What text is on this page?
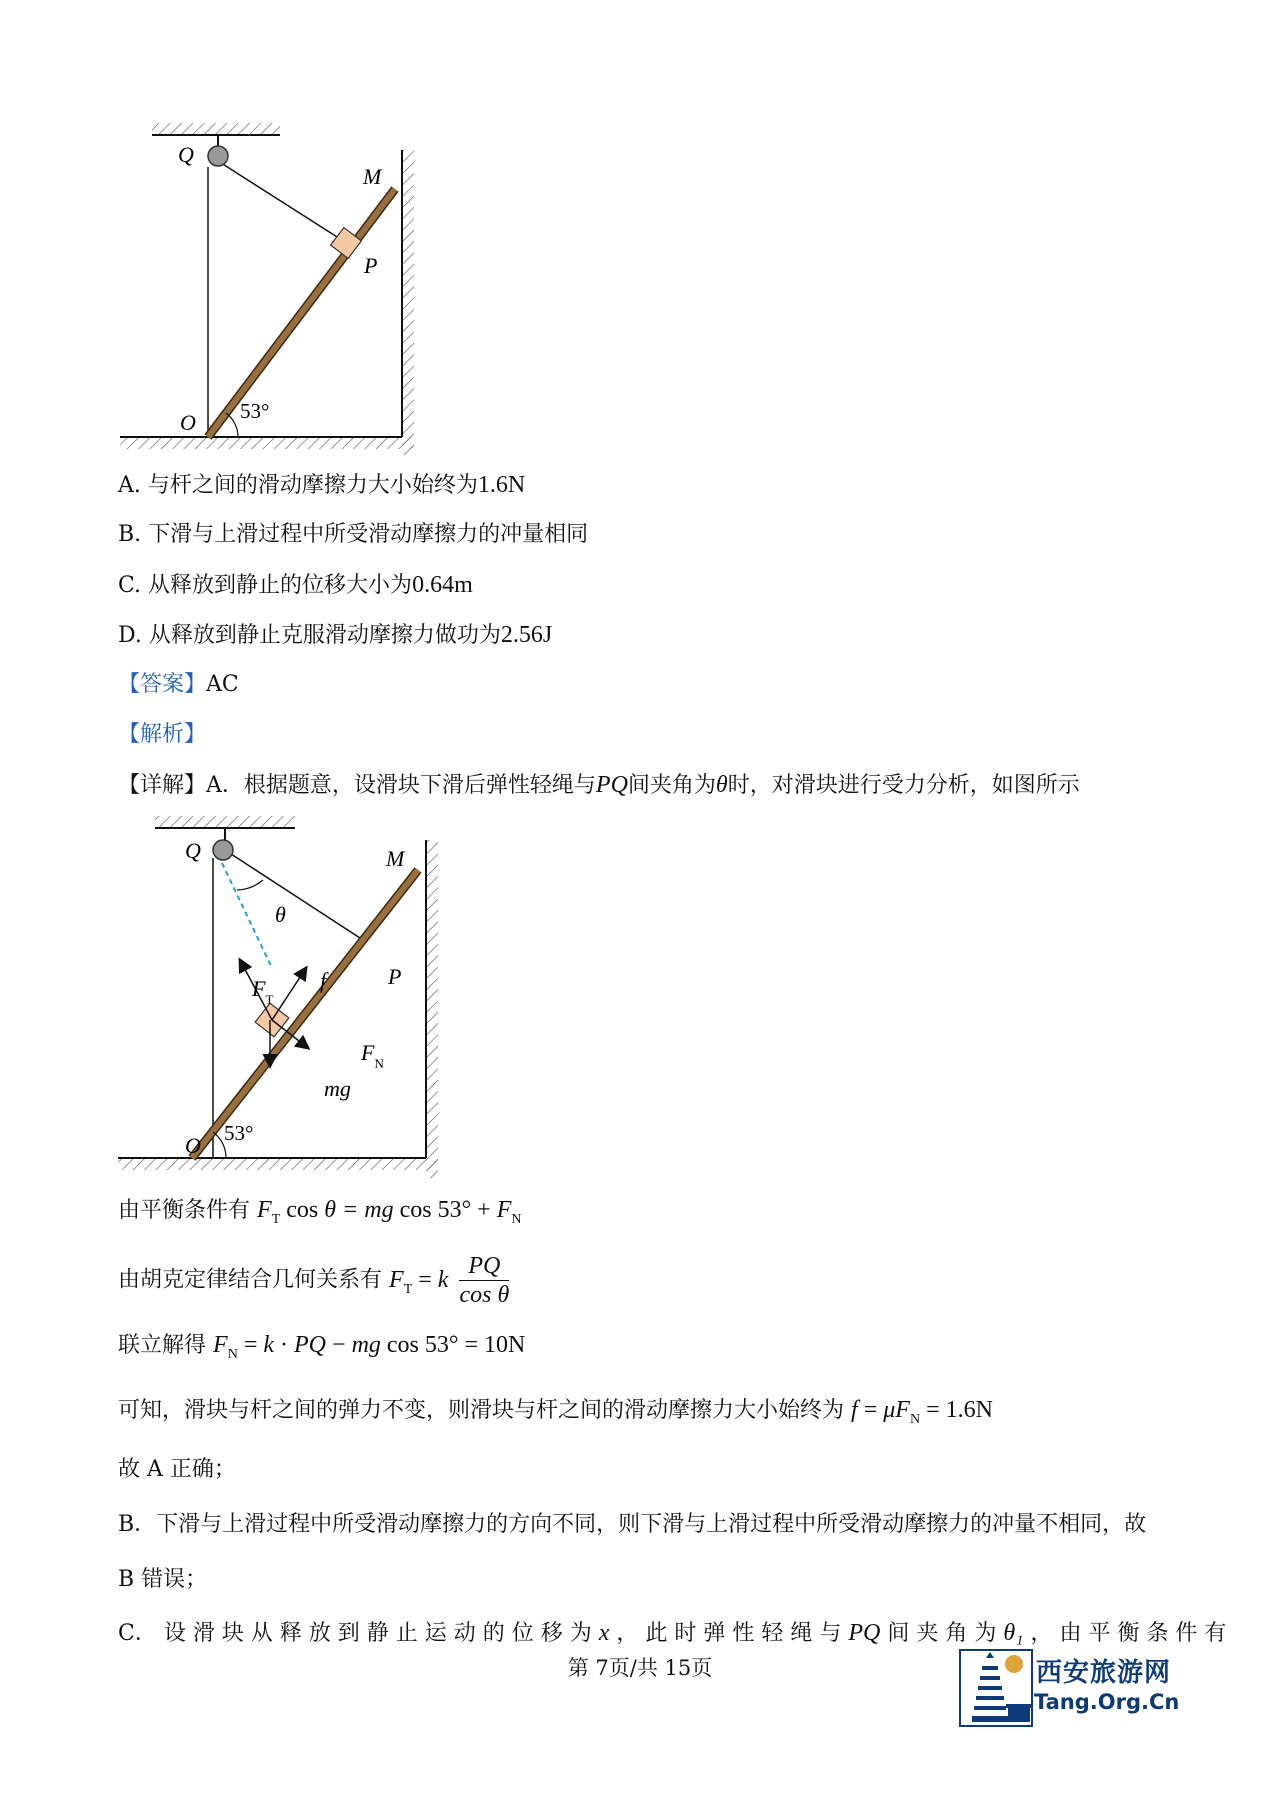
Q
M
P
O 53°
A. 与杆之间的滑动摩擦力大小始终为1.6N
B. 下滑与上滑过程中所受滑动摩擦力的冲量相同
C. 从释放到静止的位移大小为0.64m
D. 从释放到静止克服滑动摩擦力做功为2.56J
【答案】AC
【解析】
【详解】A．根据题意，设滑块下滑后弹性轻绳与PQ间夹角为θ时，对滑块进行受力分析，如图所示
Q	M
P
O 53°
θ
$F_T$
f
$F_N$
mg
由平衡条件有 $F_T$ cos θ = mg $\cos 53^\circ + F_N$
由胡克定律结合几何关系有 $F_T = k \frac{PQ}{\text{cos θ}}$
联立解得 $F_N = k$ · PQ − mg cos 53° = 10N
可知，滑块与杆之间的弹力不变，则滑块与杆之间的滑动摩擦力大小始终为 $f = \mu F_N = 1.6N$
故 A 正确；
B．下滑与上滑过程中所受滑动摩擦力的方向不同，则下滑与上滑过程中所受滑动摩擦力的冲量不相同，故
B 错误；
C． 设 滑 块 从 释 放 到 静 止 运 动 的 位 移 为 x ， 此 时 弹 性 轻 绳 与 PQ 间 夹 角 为 θ₁ ， 由 平 衡 条 件 有
第 7页/共 15页	西安旅游网
Tang.Org.Cn
